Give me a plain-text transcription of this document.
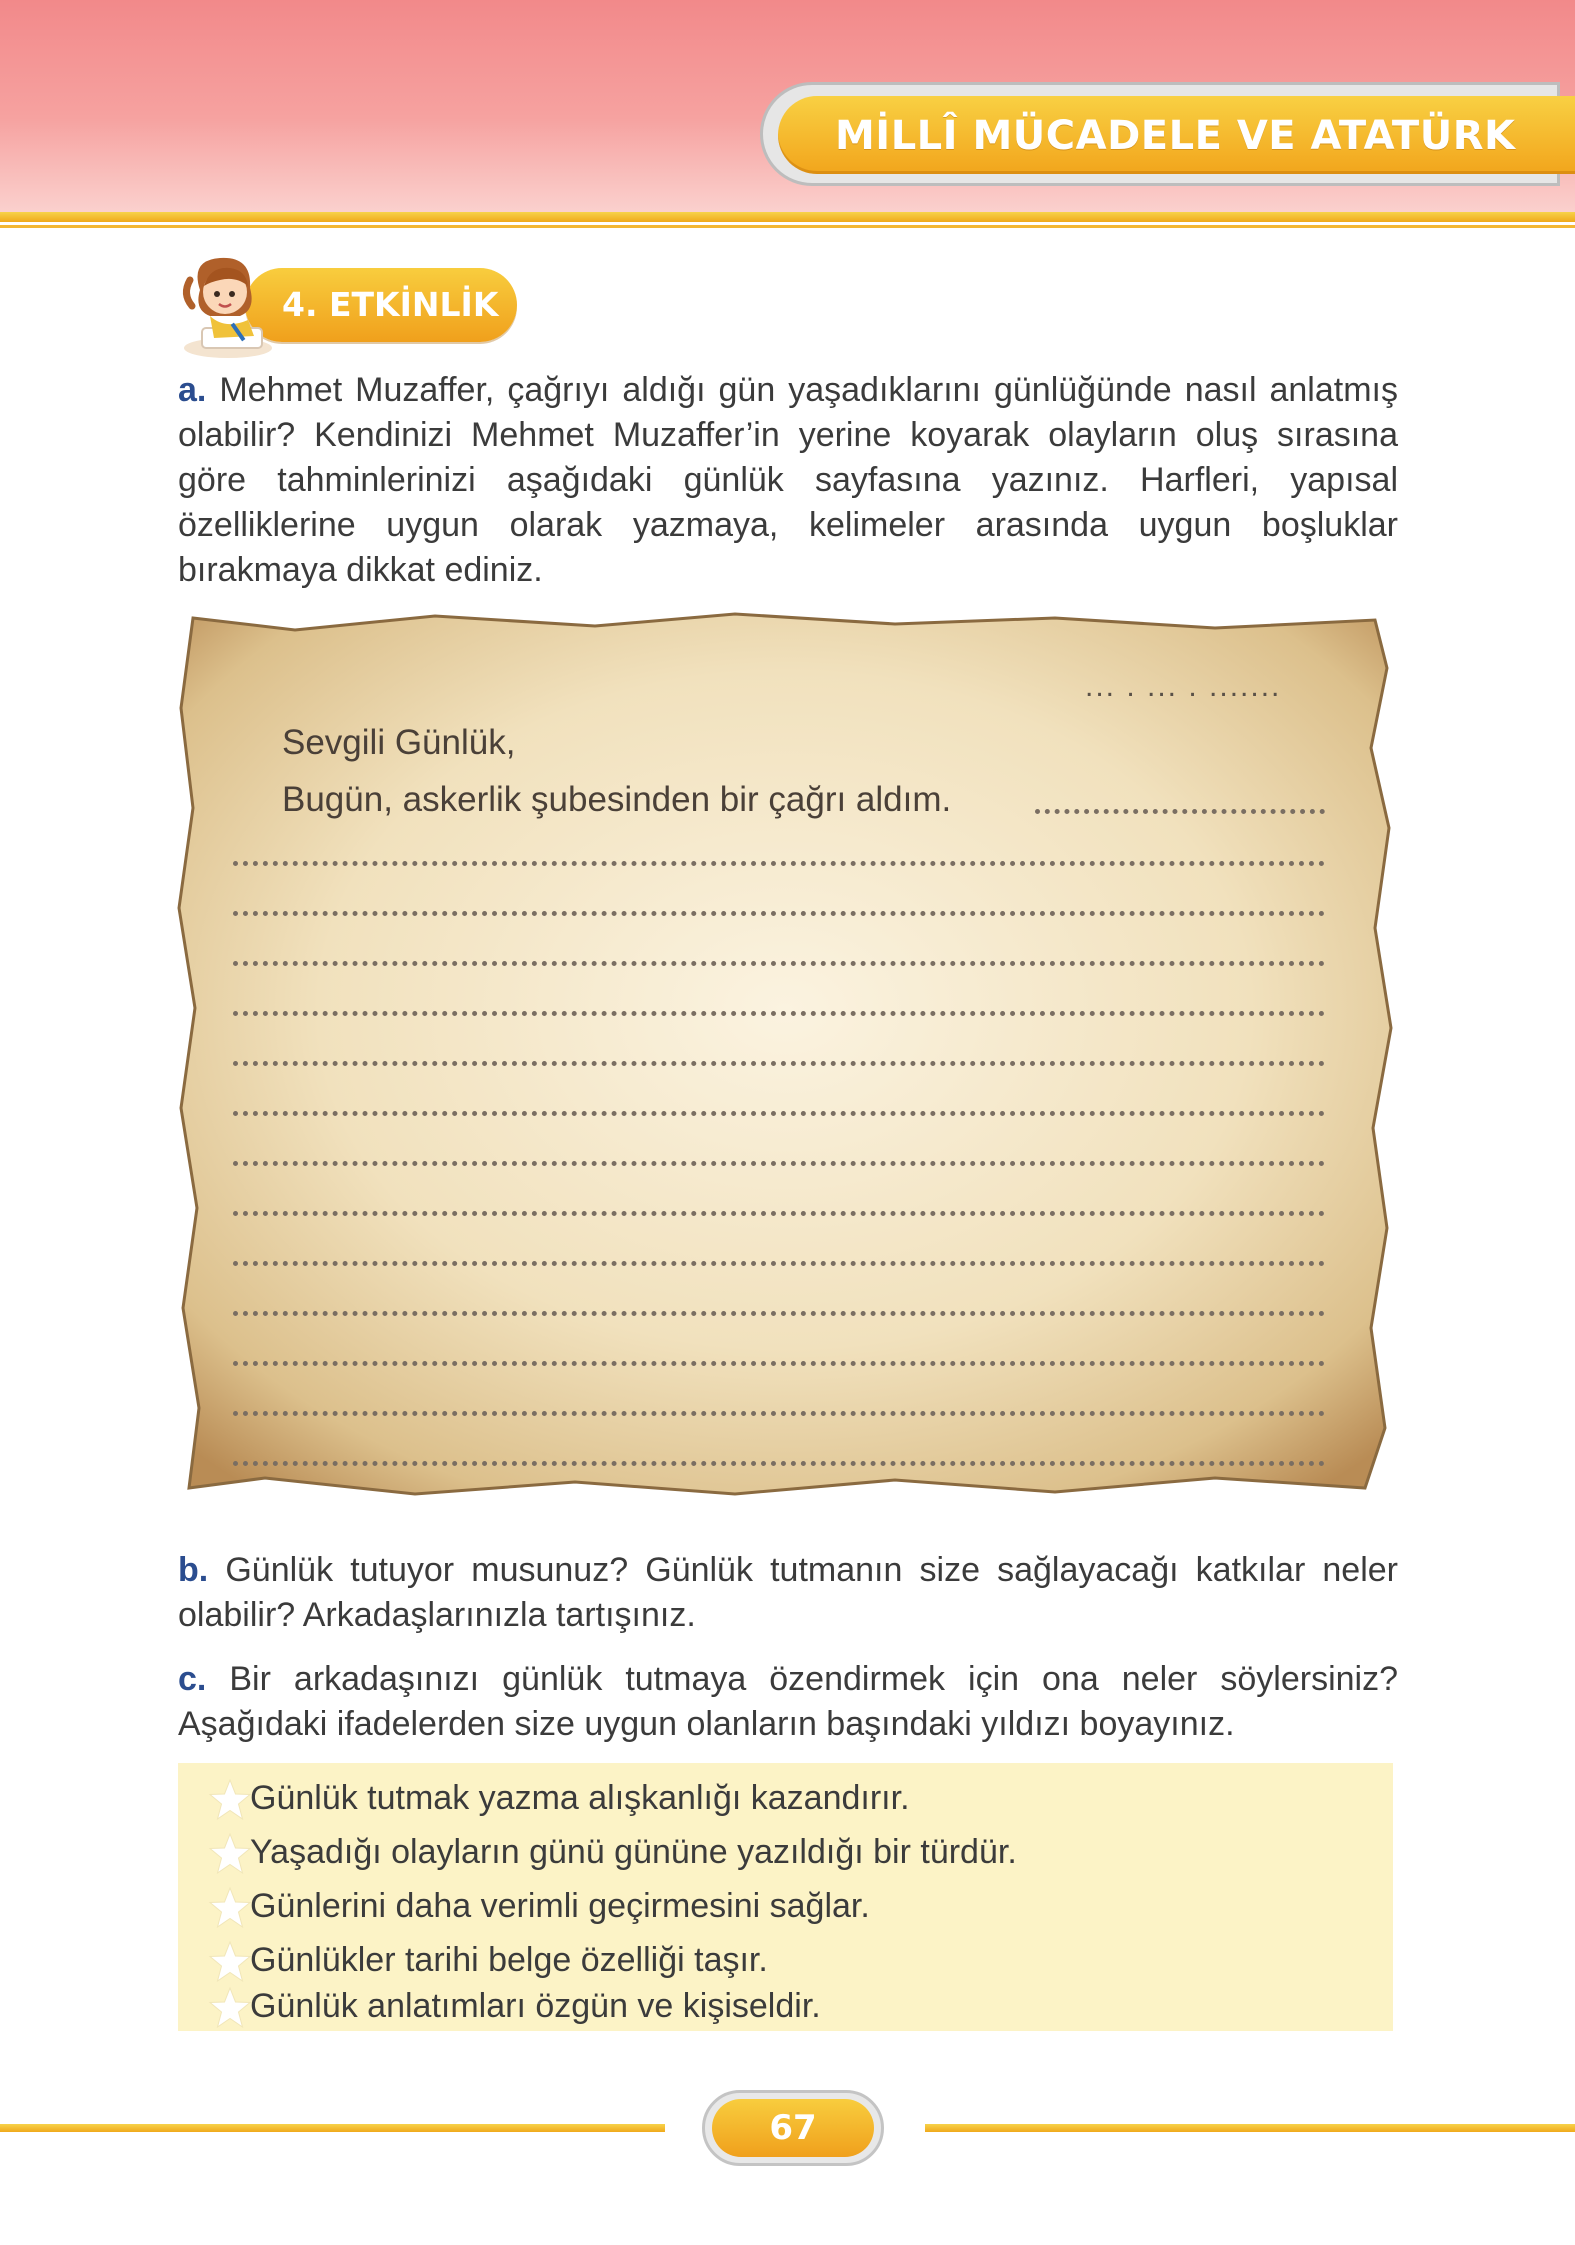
MİLLÎ MÜCADELE VE ATATÜRK
4. ETKİNLİK

a. Mehmet Muzaffer, çağrıyı aldığı gün yaşadıklarını günlüğünde nasıl anlatmış olabilir? Kendinizi Mehmet Muzaffer’in yerine koyarak olayların oluş sırasına göre tahminlerinizi aşağıdaki günlük sayfasına yazınız. Harfleri, yapısal özelliklerine uygun olarak yazmaya, kelimeler arasında uygun boşluklar bırakmaya dikkat ediniz.

... . ... . .......
Sevgili Günlük,
Bugün, askerlik şubesinden bir çağrı aldım.

b. Günlük tutuyor musunuz? Günlük tutmanın size sağlayacağı katkılar neler olabilir? Arkadaşlarınızla tartışınız.

c. Bir arkadaşınızı günlük tutmaya özendirmek için ona neler söylersiniz? Aşağıdaki ifadelerden size uygun olanların başındaki yıldızı boyayınız.

Günlük tutmak yazma alışkanlığı kazandırır.
Yaşadığı olayların günü gününe yazıldığı bir türdür.
Günlerini daha verimli geçirmesini sağlar.
Günlükler tarihi belge özelliği taşır.
Günlük anlatımları özgün ve kişiseldir.
67
